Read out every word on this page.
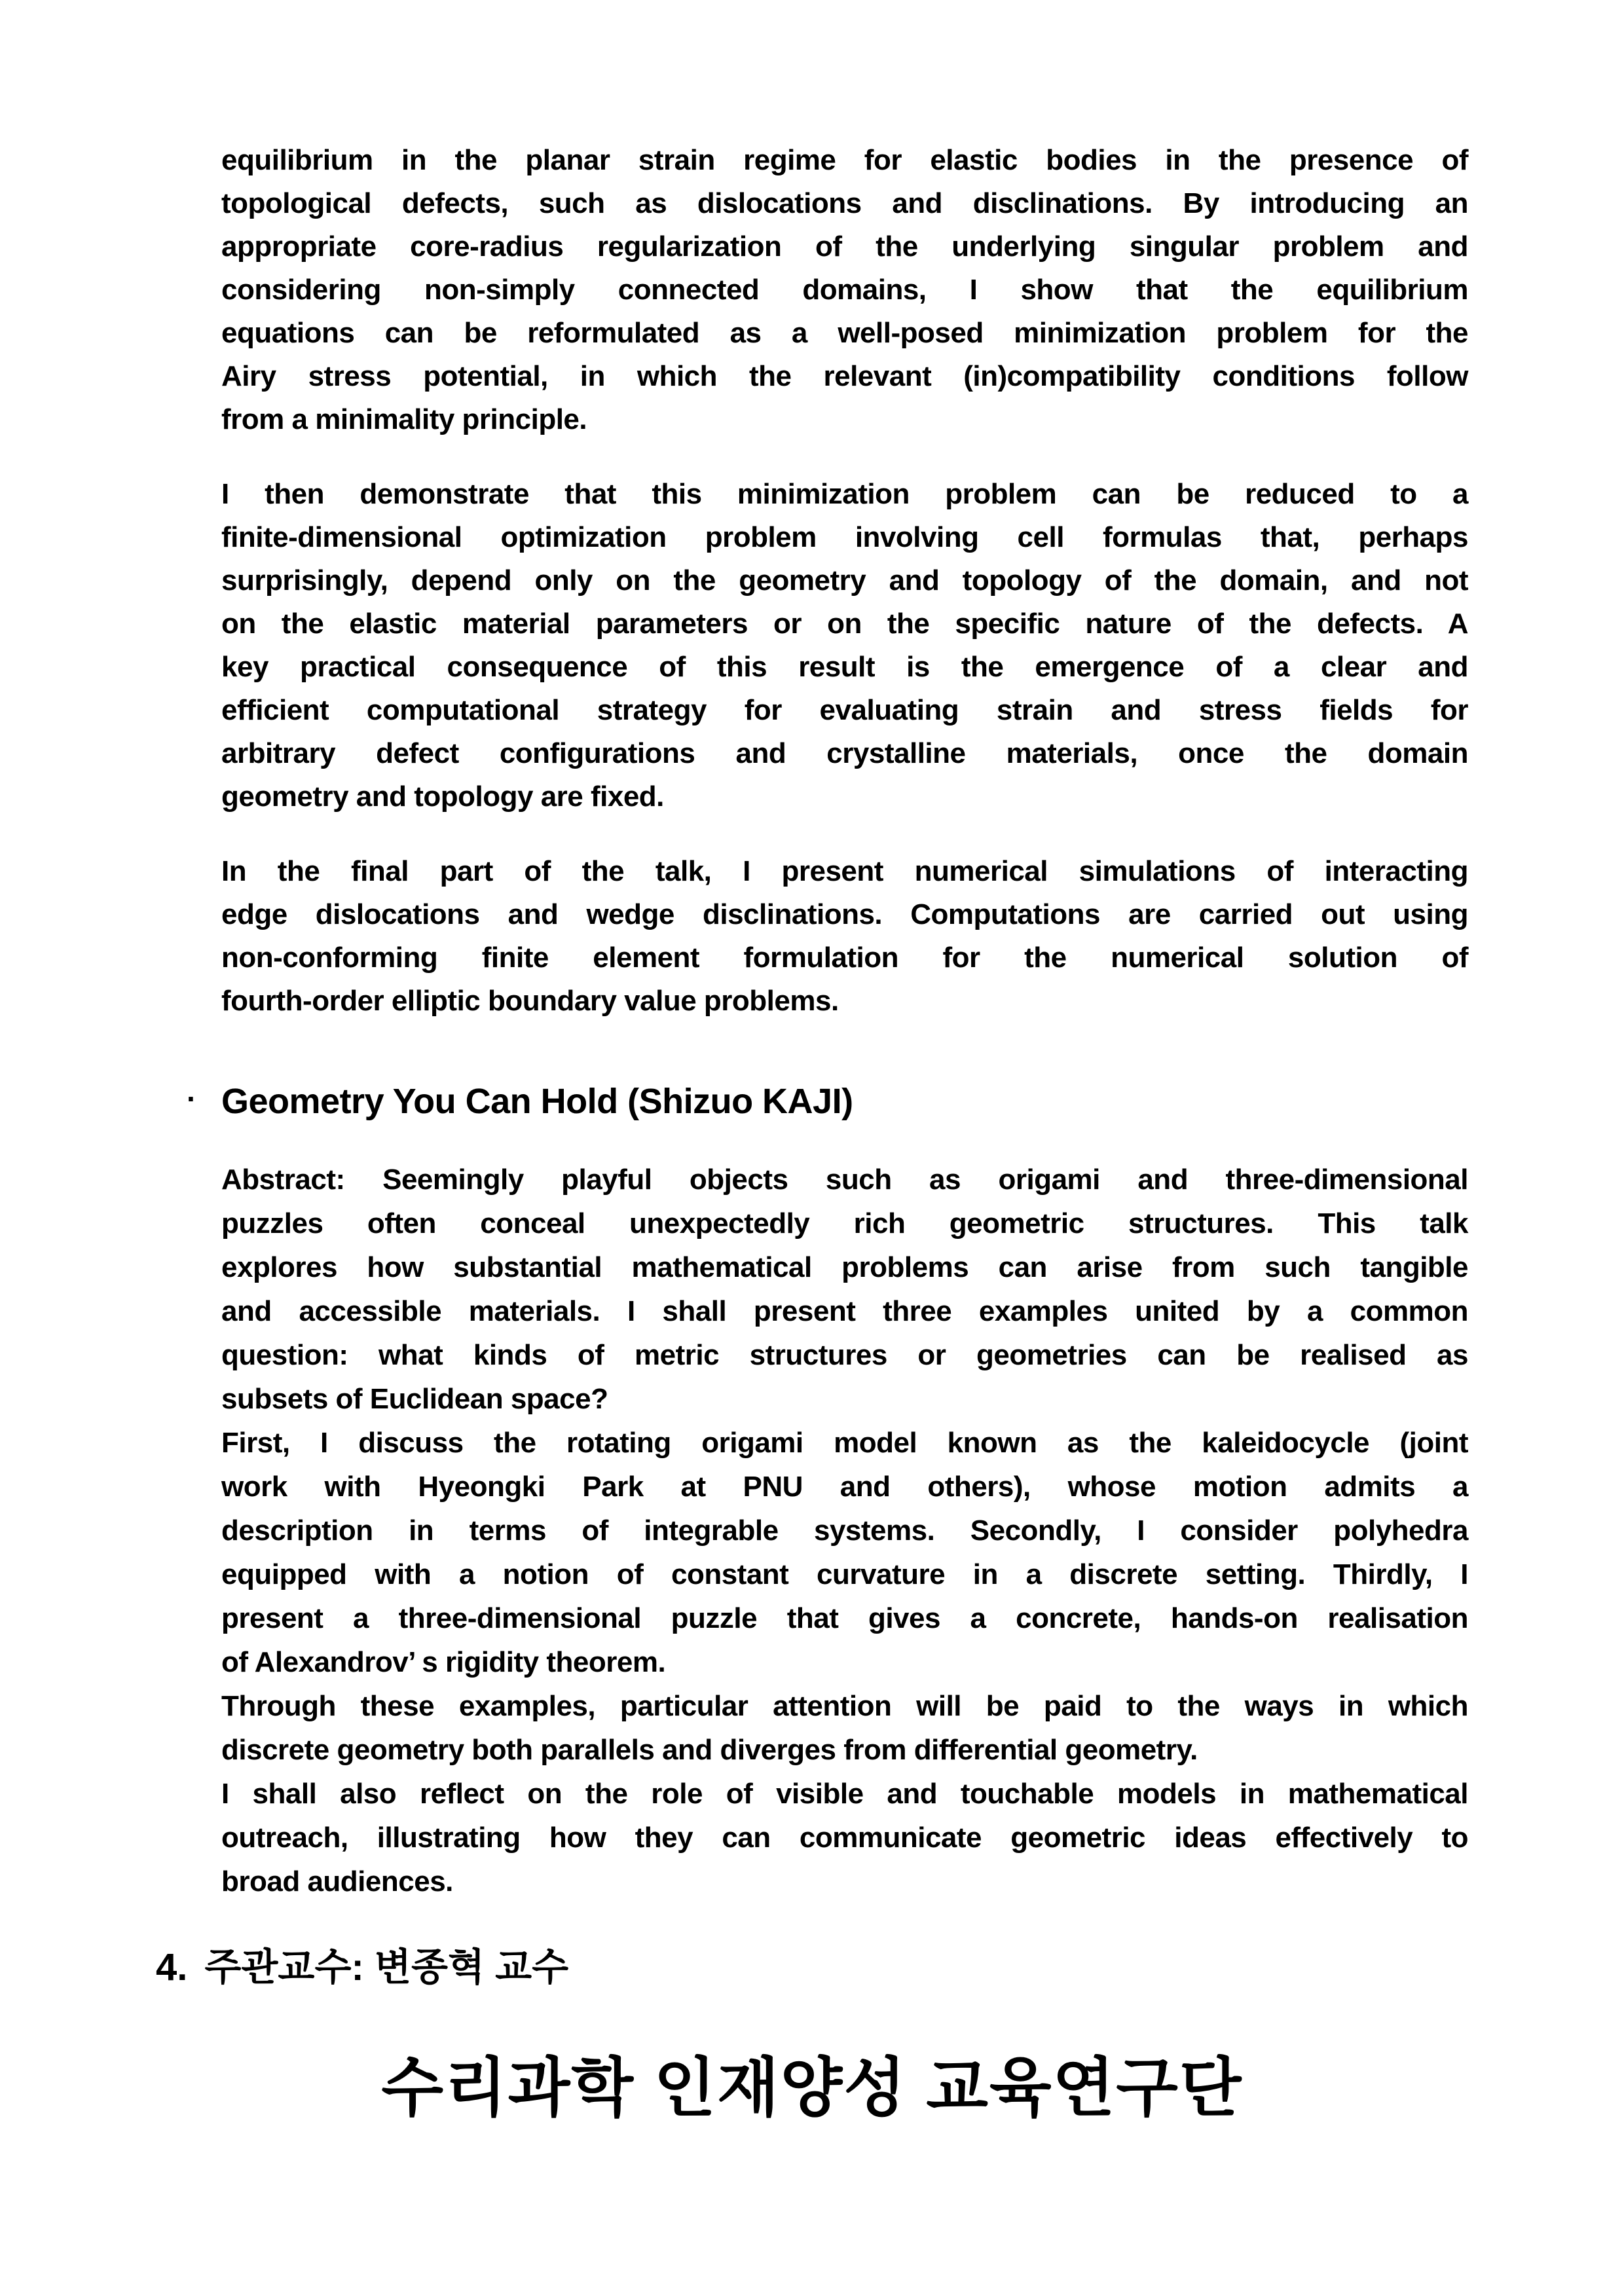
equilibrium in the planar strain regime for elastic bodies in the presence of
topological defects, such as dislocations and disclinations. By introducing an
appropriate core-radius regularization of the underlying singular problem and
considering non-simply connected domains, I show that the equilibrium
equations can be reformulated as a well-posed minimization problem for the
Airy stress potential, in which the relevant (in)compatibility conditions follow
from a minimality principle.
I then demonstrate that this minimization problem can be reduced to a
finite-dimensional optimization problem involving cell formulas that, perhaps
surprisingly, depend only on the geometry and topology of the domain, and not
on the elastic material parameters or on the specific nature of the defects. A
key practical consequence of this result is the emergence of a clear and
efficient computational strategy for evaluating strain and stress fields for
arbitrary defect configurations and crystalline materials, once the domain
geometry and topology are fixed.
In the final part of the talk, I present numerical simulations of interacting
edge dislocations and wedge disclinations. Computations are carried out using
non-conforming finite element formulation for the numerical solution of
fourth-order elliptic boundary value problems.
· Geometry You Can Hold (Shizuo KAJI)
Abstract: Seemingly playful objects such as origami and three-dimensional
puzzles often conceal unexpectedly rich geometric structures. This talk
explores how substantial mathematical problems can arise from such tangible
and accessible materials. I shall present three examples united by a common
question: what kinds of metric structures or geometries can be realised as
subsets of Euclidean space?
First, I discuss the rotating origami model known as the kaleidocycle (joint
work with Hyeongki Park at PNU and others), whose motion admits a
description in terms of integrable systems. Secondly, I consider polyhedra
equipped with a notion of constant curvature in a discrete setting. Thirdly, I
present a three-dimensional puzzle that gives a concrete, hands-on realisation
of Alexandrov’ s rigidity theorem.
Through these examples, particular attention will be paid to the ways in which
discrete geometry both parallels and diverges from differential geometry.
I shall also reflect on the role of visible and touchable models in mathematical
outreach, illustrating how they can communicate geometric ideas effectively to
broad audiences.
4. 주관교수: 변종혁 교수
수리과학 인재양성 교육연구단
